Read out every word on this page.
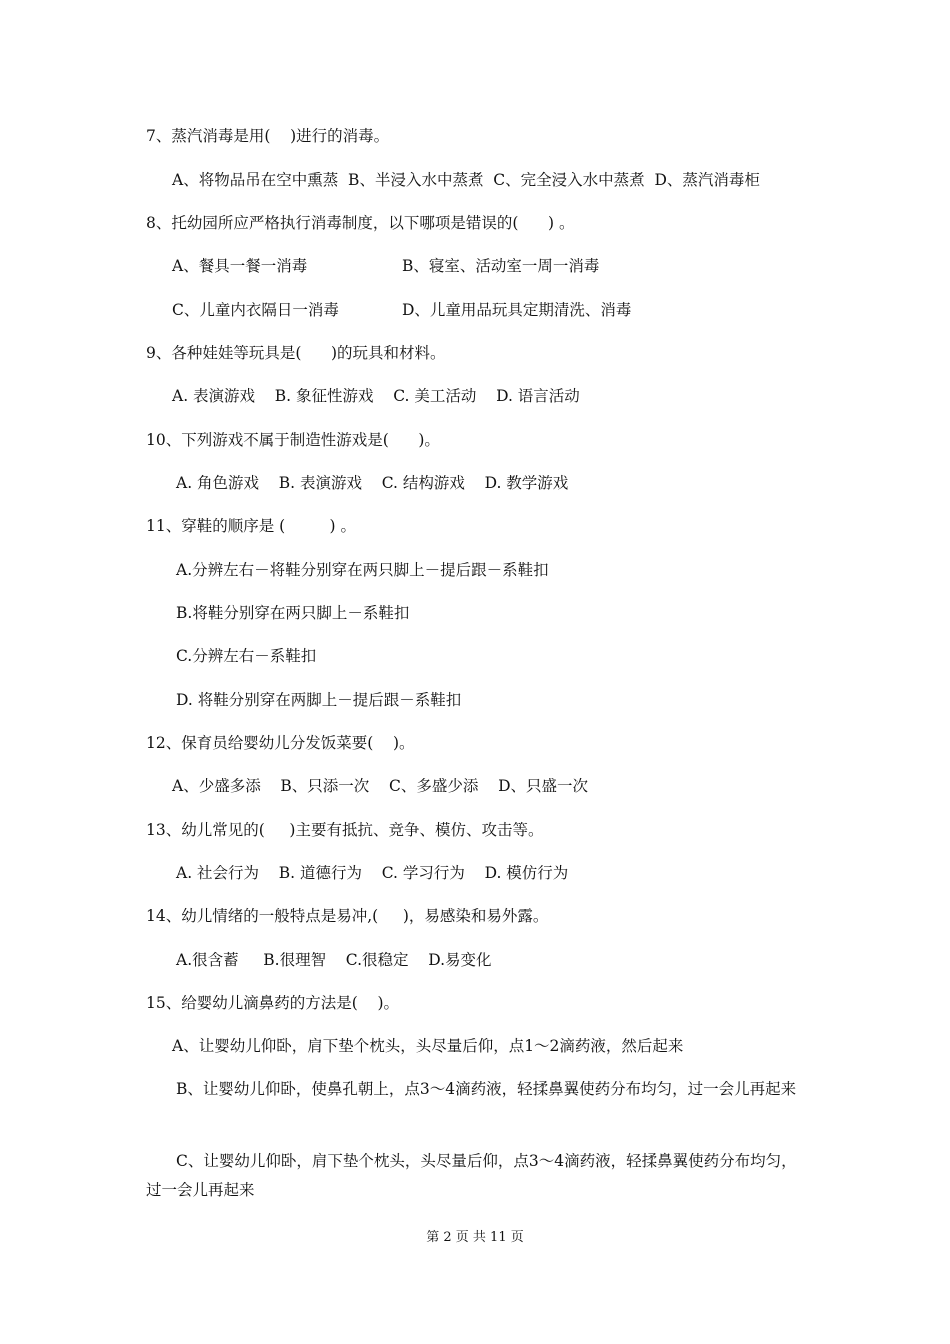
7、蒸汽消毒是用(    )进行的消毒。
A、将物品吊在空中熏蒸  B、半浸入水中蒸煮  C、完全浸入水中蒸煮  D、蒸汽消毒柜
8、托幼园所应严格执行消毒制度，以下哪项是错误的(      ) 。
A、餐具一餐一消毒	B、寝室、活动室一周一消毒
C、儿童内衣隔日一消毒	D、儿童用品玩具定期清洗、消毒
9、各种娃娃等玩具是(      )的玩具和材料。
A. 表演游戏    B. 象征性游戏    C. 美工活动    D. 语言活动
10、下列游戏不属于制造性游戏是(      )。
A. 角色游戏    B. 表演游戏    C. 结构游戏    D. 教学游戏
11、穿鞋的顺序是 (         ) 。
A.分辨左右－将鞋分别穿在两只脚上－提后跟－系鞋扣
B.将鞋分别穿在两只脚上－系鞋扣
C.分辨左右－系鞋扣
D. 将鞋分别穿在两脚上－提后跟－系鞋扣
12、保育员给婴幼儿分发饭菜要(    )。
A、少盛多添    B、只添一次    C、多盛少添    D、只盛一次
13、幼儿常见的(     )主要有抵抗、竞争、模仿、攻击等。
A. 社会行为    B. 道德行为    C. 学习行为    D. 模仿行为
14、幼儿情绪的一般特点是易冲,(     )，易感染和易外露。
A.很含蓄     B.很理智    C.很稳定    D.易变化
15、给婴幼儿滴鼻药的方法是(    )。
A、让婴幼儿仰卧，肩下垫个枕头，头尽量后仰，点1～2滴药液，然后起来
B、让婴幼儿仰卧，使鼻孔朝上，点3～4滴药液，轻揉鼻翼使药分布均匀，过一会儿再起来
C、让婴幼儿仰卧，肩下垫个枕头，头尽量后仰，点3～4滴药液，轻揉鼻翼使药分布均匀，过一会儿再起来
第 2 页 共 11 页
